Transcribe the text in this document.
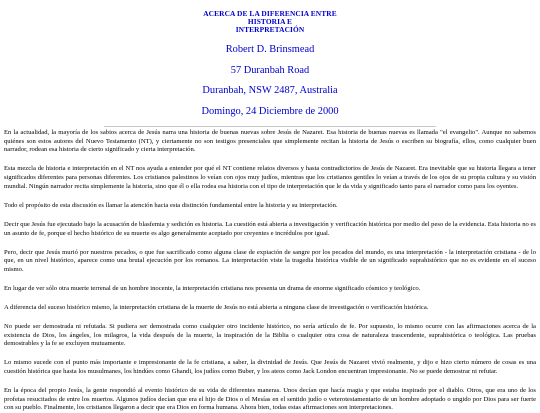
ACERCA DE LA DIFERENCIA ENTRE

HISTORIA E

INTERPRETACIÓN

Robert D. Brinsmead

57 Duranbah Road

Duranbah, NSW 2487, Australia

Domingo, 24 Diciembre de 2000

En la actualidad, la mayoría de los sabios acerca de Jesús narra una historia de buenas nuevas sobre Jesús de Nazaret. Esa historia de buenas nuevas es llamada "el evangelio". Aunque no sabemos quiénes son estos autores del Nuevo Testamento (NT), y ciertamente no son testigos presenciales que simplemente recitan la historia de Jesús o escriben su biografía, ellos, como cualquier buen narrador, rodean esa historia de cierto significado y cierta interpretación.

Esta mezcla de historia e interpretación en el NT nos ayuda a entender por qué el NT contiene relatos diversos y hasta contradictorios de Jesús de Nazaret. Era inevitable que su historia llegara a tener significados diferentes para personas diferentes. Los cristianos palestinos lo veían con ojos muy judíos, mientras que los cristianos gentiles lo veían a través de los ojos de su propia cultura y su visión mundial. Ningún narrador recita simplemente la historia, sino que él o ella rodea esa historia con el tipo de interpretación que le da vida y significado tanto para el narrador como para los oyentes.

Todo el propósito de esta discusión es llamar la atención hacia esta distinción fundamental entre la historia y su interpretación.

Decir que Jesús fue ejecutado bajo la acusación de blasfemia y sedición es historia. La cuestión está abierta a investigación y verificación histórica por medio del peso de la evidencia. Esta historia no es un asunto de fe, porque el hecho histórico de su muerte es algo generalmente aceptado por creyentes e incrédulos por igual.

Pero, decir que Jesús murió por nuestros pecados, o que fue sacrificado como alguna clase de expiación de sangre por los pecados del mundo, es una interpretación - la interpretación cristiana - de lo que, en un nivel histórico, aparece como una brutal ejecución por los romanos. La interpretación viste la tragedia histórica visible de un significado suprahistórico que no es evidente en el suceso mismo.

En lugar de ver sólo otra muerte terrenal de un hombre inocente, la interpretación cristiana nos presenta un drama de enorme significado cósmico y teológico.

A diferencia del suceso histórico mismo, la interpretación cristiana de la muerte de Jesús no está abierta a ninguna clase de investigación o verificación histórica.

No puede ser demostrada ni refutada. Si pudiera ser demostrada como cualquier otro incidente histórico, no sería artículo de fe. Por supuesto, lo mismo ocurre con las afirmaciones acerca de la existencia de Dios, los ángeles, los milagros, la vida después de la muerte, la inspiración de la Biblia o cualquier otra cosa de naturaleza trascendente, suprahistórica o teológica. Las pruebas demostrables y la fe se excluyen mutuamente.

Lo mismo sucede con el punto más importante e impresionante de la fe cristiana, a saber, la divinidad de Jesús. Que Jesús de Nazaret vivió realmente, y dijo e hizo cierto número de cosas es una cuestión histórica que hasta los musulmanes, los hindúes como Ghandi, los judíos como Buber, y los ateos como Jack London encuentran impresionante. No se puede demostrar ni refutar.

En la época del propio Jesús, la gente respondió al evento histórico de su vida de diferentes maneras. Unos decían que hacía magia y que estaba inspirado por el diablo. Otros, que era uno de los profetas resucitados de entre los muertos. Algunos judíos decían que era el hijo de Dios o el Mesías en el sentido judío o veterotestamentario de un hombre adoptado o ungido por Dios para ser fuerte con su pueblo. Finalmente, los cristianos llegaron a decir que era Dios en forma humana. Ahora bien, todas estas afirmaciones son interpretaciones.
